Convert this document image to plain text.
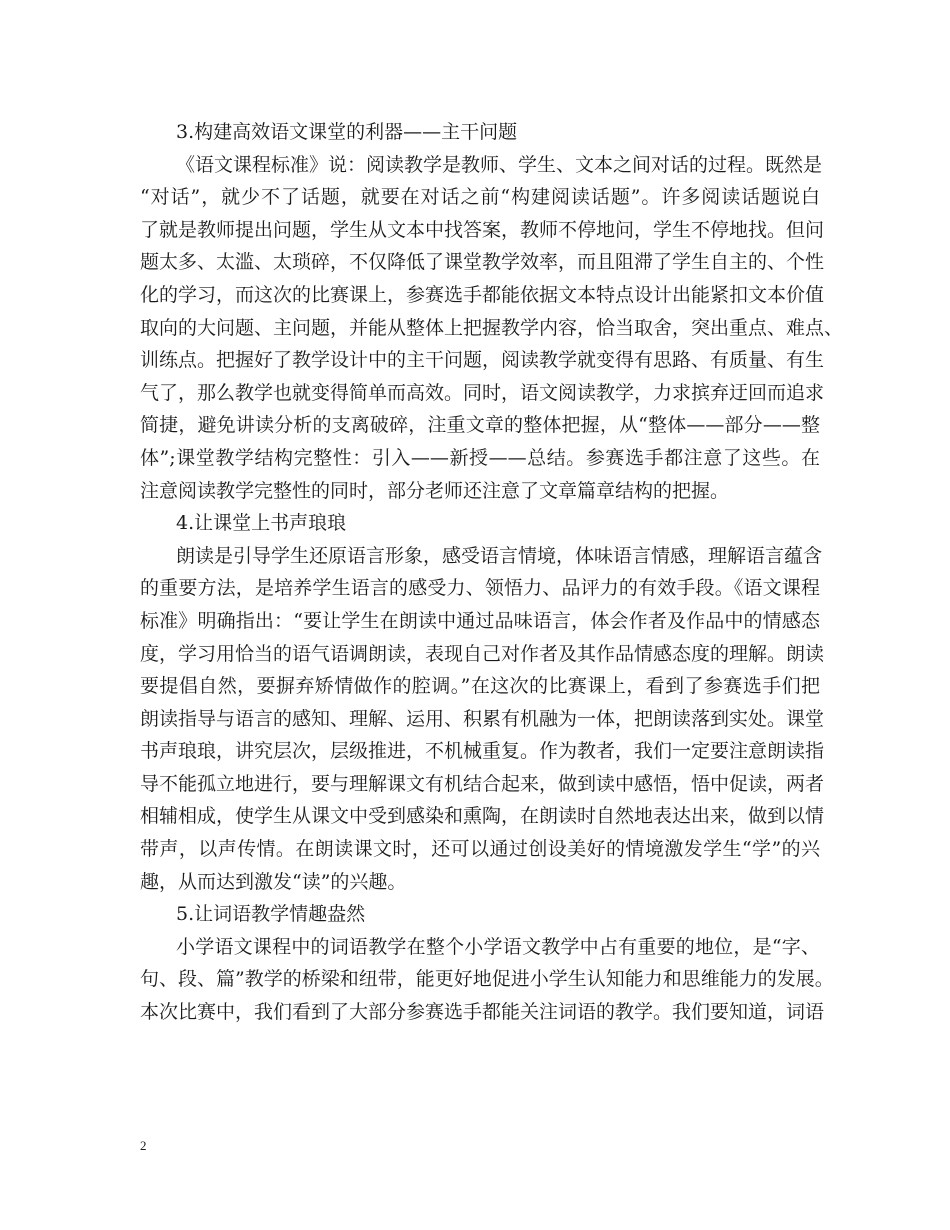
3.构建高效语文课堂的利器——主干问题
《语文课程标准》说：阅读教学是教师、学生、文本之间对话的过程。既然是
“对话”，就少不了话题，就要在对话之前“构建阅读话题”。许多阅读话题说白
了就是教师提出问题，学生从文本中找答案，教师不停地问，学生不停地找。但问
题太多、太滥、太琐碎，不仅降低了课堂教学效率，而且阻滞了学生自主的、个性
化的学习，而这次的比赛课上，参赛选手都能依据文本特点设计出能紧扣文本价值
取向的大问题、主问题，并能从整体上把握教学内容，恰当取舍，突出重点、难点、
训练点。把握好了教学设计中的主干问题，阅读教学就变得有思路、有质量、有生
气了，那么教学也就变得简单而高效。同时，语文阅读教学，力求摈弃迂回而追求
简捷，避免讲读分析的支离破碎，注重文章的整体把握，从“整体——部分——整
体”;课堂教学结构完整性：引入——新授——总结。参赛选手都注意了这些。在
注意阅读教学完整性的同时，部分老师还注意了文章篇章结构的把握。
4.让课堂上书声琅琅
朗读是引导学生还原语言形象，感受语言情境，体味语言情感，理解语言蕴含
的重要方法，是培养学生语言的感受力、领悟力、品评力的有效手段。《语文课程
标准》明确指出：“要让学生在朗读中通过品味语言，体会作者及作品中的情感态
度，学习用恰当的语气语调朗读，表现自己对作者及其作品情感态度的理解。朗读
要提倡自然，要摒弃矫情做作的腔调。”在这次的比赛课上，看到了参赛选手们把
朗读指导与语言的感知、理解、运用、积累有机融为一体，把朗读落到实处。课堂
书声琅琅，讲究层次，层级推进，不机械重复。作为教者，我们一定要注意朗读指
导不能孤立地进行，要与理解课文有机结合起来，做到读中感悟，悟中促读，两者
相辅相成，使学生从课文中受到感染和熏陶，在朗读时自然地表达出来，做到以情
带声，以声传情。在朗读课文时，还可以通过创设美好的情境激发学生“学”的兴
趣，从而达到激发“读”的兴趣。
5.让词语教学情趣盎然
小学语文课程中的词语教学在整个小学语文教学中占有重要的地位，是“字、
句、段、篇”教学的桥梁和纽带，能更好地促进小学生认知能力和思维能力的发展。
本次比赛中，我们看到了大部分参赛选手都能关注词语的教学。我们要知道，词语
2
